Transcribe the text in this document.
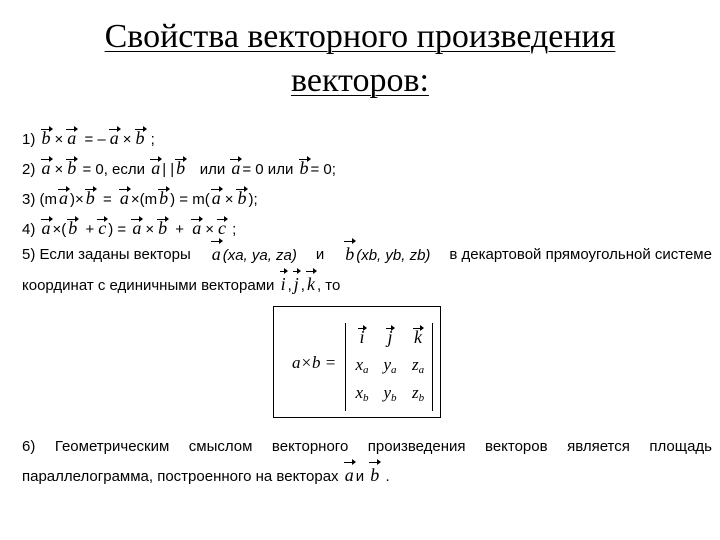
Свойства векторного произведения
векторов:
1) b × a = – a × b ;
2) a × b = 0, если a | | b или a = 0 или b = 0;
3) (m a )× b = a ×(m b ) = m( a × b );
4) a ×( b + c ) = a × b + a × c ;
5) Если заданы векторы a (xa, ya, za) и b (xb, yb, zb) в декартовой прямоугольной системе
координат с единичными векторами i , j , k , то
a×b =
i	j	k
$x_a$ $y_a$ $z_a$
$x_b$ $y_b$ $z_b$
6) Геометрическим смыслом векторного произведения векторов является площадь параллелограмма, построенного на векторах a и b .
